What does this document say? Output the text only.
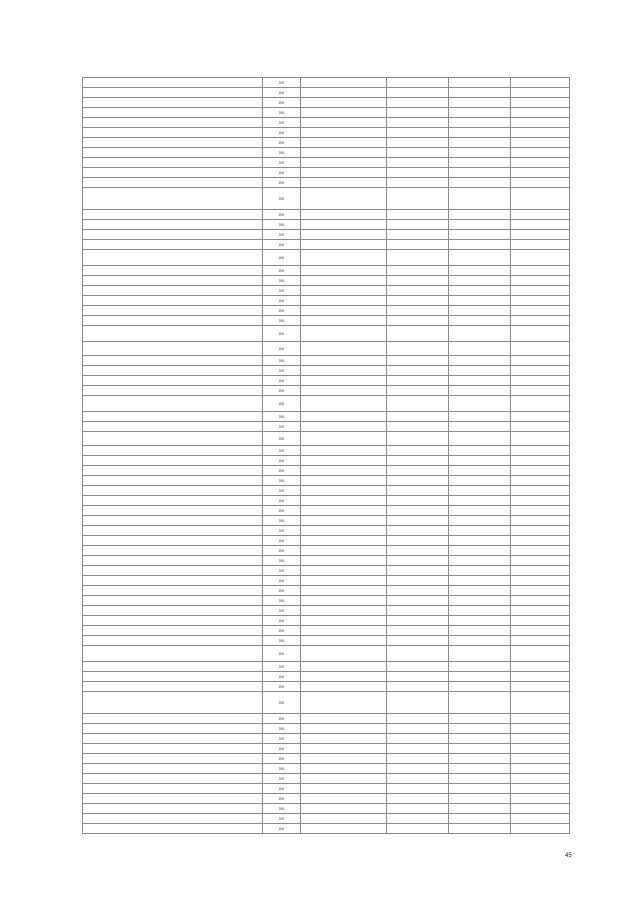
	200				
	200				
	200				
	200				
	200				
	200				
	200				
	200				
	200				
	200				
	200				
	200				
	200				
	200				
	200				
	200				
	200				
	200				
	200				
	200				
	200				
	200				
	200				
	200				
	200				
	200				
	200				
	200				
	200				
	200				
	200				
	200				
	200				
	200				
	200				
	200				
	200				
	200				
	200				
	200				
	200				
	200				
	200				
	200				
	200				
	200				
	200				
	200				
	200				
	200				
	200				
	200				
	200				
	200				
	200				
	200				
	200				
	200				
	200				
	200				
	200				
	200				
	200				
	200				
	200				
	200				
	200				
	200				
	200				
	200				
45
